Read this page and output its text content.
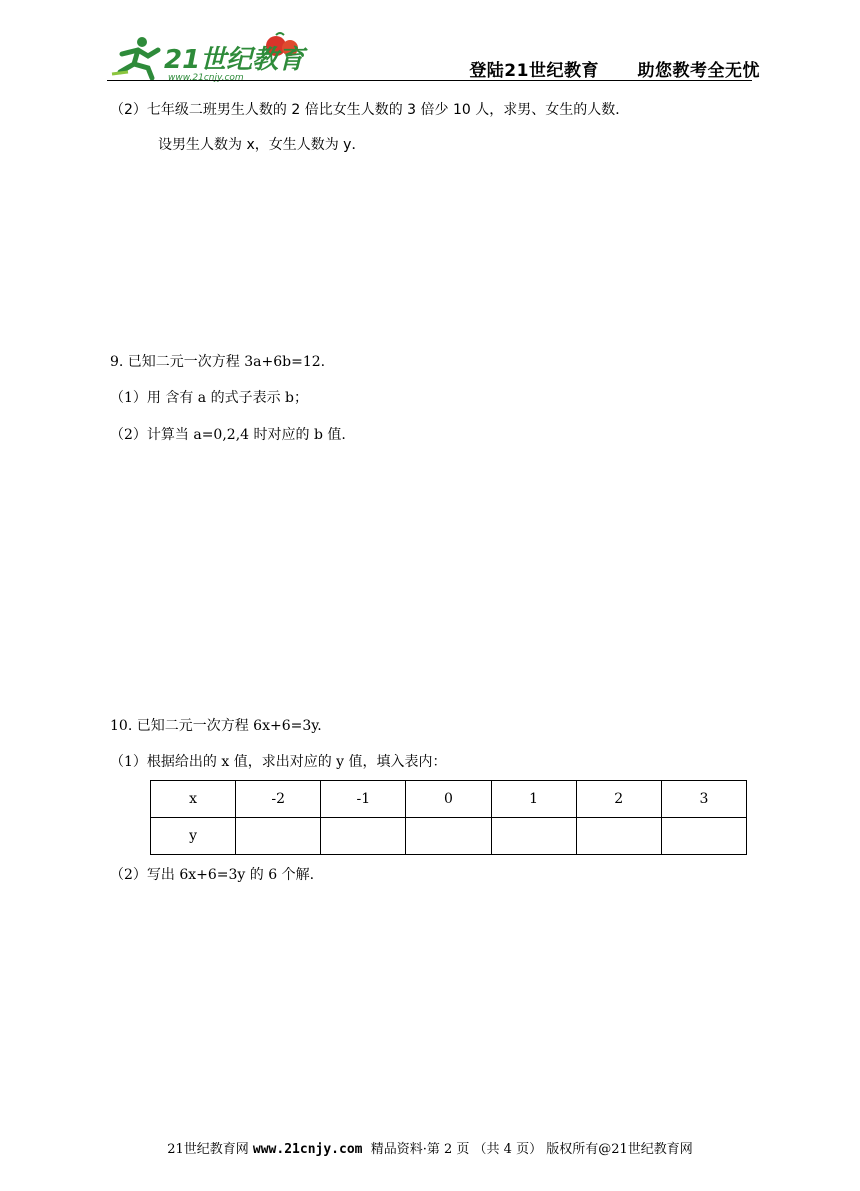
21世纪教育
www.21cnjy.com	登陆21世纪教育 助您教考全无忧
（2）七年级二班男生人数的 2 倍比女生人数的 3 倍少 10 人，求男、女生的人数．
设男生人数为 x，女生人数为 y．
9. 已知二元一次方程 3a+6b=12.
（1）用 含有 a 的式子表示 b；
（2）计算当 a=0,2,4 时对应的 b 值.
10. 已知二元一次方程 6x+6=3y.
（1）根据给出的 x 值，求出对应的 y 值，填入表内：
x	-2	-1	0	1	2	3
y						
（2）写出 6x+6=3y 的 6 个解.
21世纪教育网 www.21cnjy.com 精品资料·第 2 页 （共 4 页） 版权所有@21世纪教育网
